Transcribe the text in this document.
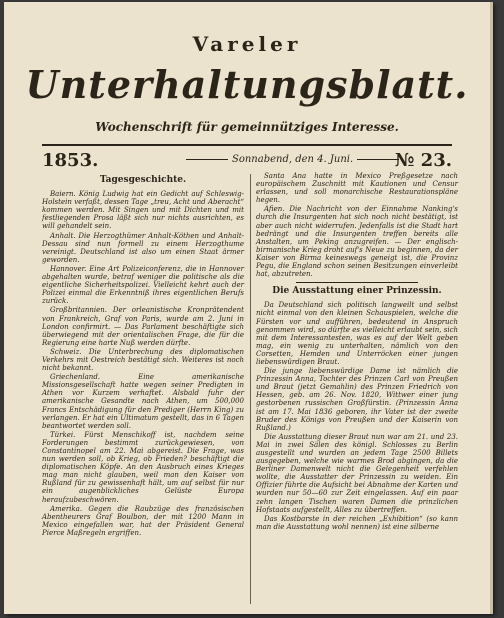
Vareler
Unterhaltungsblatt.
Wochenschrift für gemeinnütziges Interesse.
1853.	Sonnabend, den 4. Juni.	№ 23.
Tagesgeschichte.

Baiern. König Ludwig hat ein Gedicht auf Schleswig-Holstein verfaßt, dessen Tage „treu, Acht und Aberacht“ kommen werden. Mit Singen und mit Dichten und mit festliegenden Prosa läßt sich nur nichts ausrichten, es will gehandelt sein.

Anhalt. Die Herzogthümer Anhalt-Köthen und Anhalt-Dessau sind nun formell zu einem Herzogthume vereinigt. Deutschland ist also um einen Staat ärmer geworden.

Hannover. Eine Art Polizeiconferenz, die in Hannover abgehalten wurde, betraf weniger die politische als die eigentliche Sicherheitspolizei. Vielleicht kehrt auch der Polizei einmal die Erkenntniß ihres eigentlichen Berufs zurück.

Großbritannien. Der orleanistische Kronprätendent von Frankreich, Graf von Paris, wurde am 2. Juni in London confirmirt. — Das Parlament beschäftigte sich überwiegend mit der orientalischen Frage, die für die Regierung eine harte Nuß werden dürfte.

Schweiz. Die Unterbrechung des diplomatischen Verkehrs mit Oestreich bestätigt sich. Weiteres ist noch nicht bekannt.

Griechenland. Eine amerikanische Missionsgesellschaft hatte wegen seiner Predigten in Athen vor Kurzem verhaftet. Alsbald fuhr der amerikanische Gesandte nach Athen, um 500,000 Francs Entschädigung für den Prediger (Herrn King) zu verlangen. Er hat ein Ultimatum gestellt, das in 6 Tagen beantwortet werden soll.

Türkei. Fürst Menschikoff ist, nachdem seine Forderungen bestimmt zurückgewiesen, von Constantinopel am 22. Mai abgereist. Die Frage, was nun werden soll, ob Krieg, ob Frieden? beschäftigt die diplomatischen Köpfe. An den Ausbruch eines Krieges mag man nicht glauben, weil man den Kaiser von Rußland für zu gewissenhaft hält, um auf selbst für nur ein augenblickliches Gelüste Europa heraufzubeschwören.

Amerika. Gegen die Raubzüge des französischen Abentheurers Graf Boulbon, der mit 1200 Mann in Mexico eingefallen war, hat der Präsident General Pierce Maßregeln ergriffen.

Santa Ana hatte in Mexico Preßgesetze nach europäischem Zuschnitt mit Kautionen und Censur erlassen, und soll monarchische Restaurationspläne hegen.

Afien. Die Nachricht von der Einnahme Nanking's durch die Insurgenten hat sich noch nicht bestätigt, ist aber auch nicht widerrufen. Jedenfalls ist die Stadt hart bedrängt und die Insurgenten treffen bereits alle Anstalten, um Peking anzugreifen. — Der englisch-birmanische Krieg droht auf's Neue zu beginnen, da der Kaiser von Birma keineswegs geneigt ist, die Provinz Pegu, die England schon seinen Besitzungen einverleibt hat, abzutreten.

Die Ausstattung einer Prinzessin.

Da Deutschland sich politisch langweilt und selbst nicht einmal von den kleinen Schauspielen, welche die Fürsten vor und aufführen, bedeutend in Anspruch genommen wird, so dürfte es vielleicht erlaubt sein, sich mit dem Interessantesten, was es auf der Welt geben mag, ein wenig zu unterhalten, nämlich von den Corsetten, Hemden und Unterröcken einer jungen liebenswürdigen Braut.

Die junge liebenswürdige Dame ist nämlich die Prinzessin Anna, Tochter des Prinzen Carl von Preußen und Braut (jetzt Gemahlin) des Prinzen Friedrich von Hessen, geb. am 26. Nov. 1820, Wittwer einer jung gestorbenen russischen Großfürstin. (Prinzessin Anna ist am 17. Mai 1836 geboren, ihr Vater ist der zweite Bruder des Königs von Preußen und der Kaiserin von Rußland.)

Die Ausstattung dieser Braut nun war am 21. und 23. Mai in zwei Sälen des königl. Schlosses zu Berlin ausgestellt und wurden an jedem Tage 2500 Billets ausgegeben, welche wie warmes Brod abgingen, da die Berliner Damenwelt nicht die Gelegenheit verfehlen wollte, die Ausstatter der Prinzessin zu weiden. Ein Offizier führte die Aufsicht bei Abnahme der Karten und wurden nur 50—60 zur Zeit eingelassen. Auf ein paar zehn langen Tischen waren Damen die prinzlichen Hofstaats aufgestellt, Alles zu übertreffen.

Das Kostbarste in der reichen „Exhibition“ (so kann man die Ausstattung wohl nennen) ist eine silberne
